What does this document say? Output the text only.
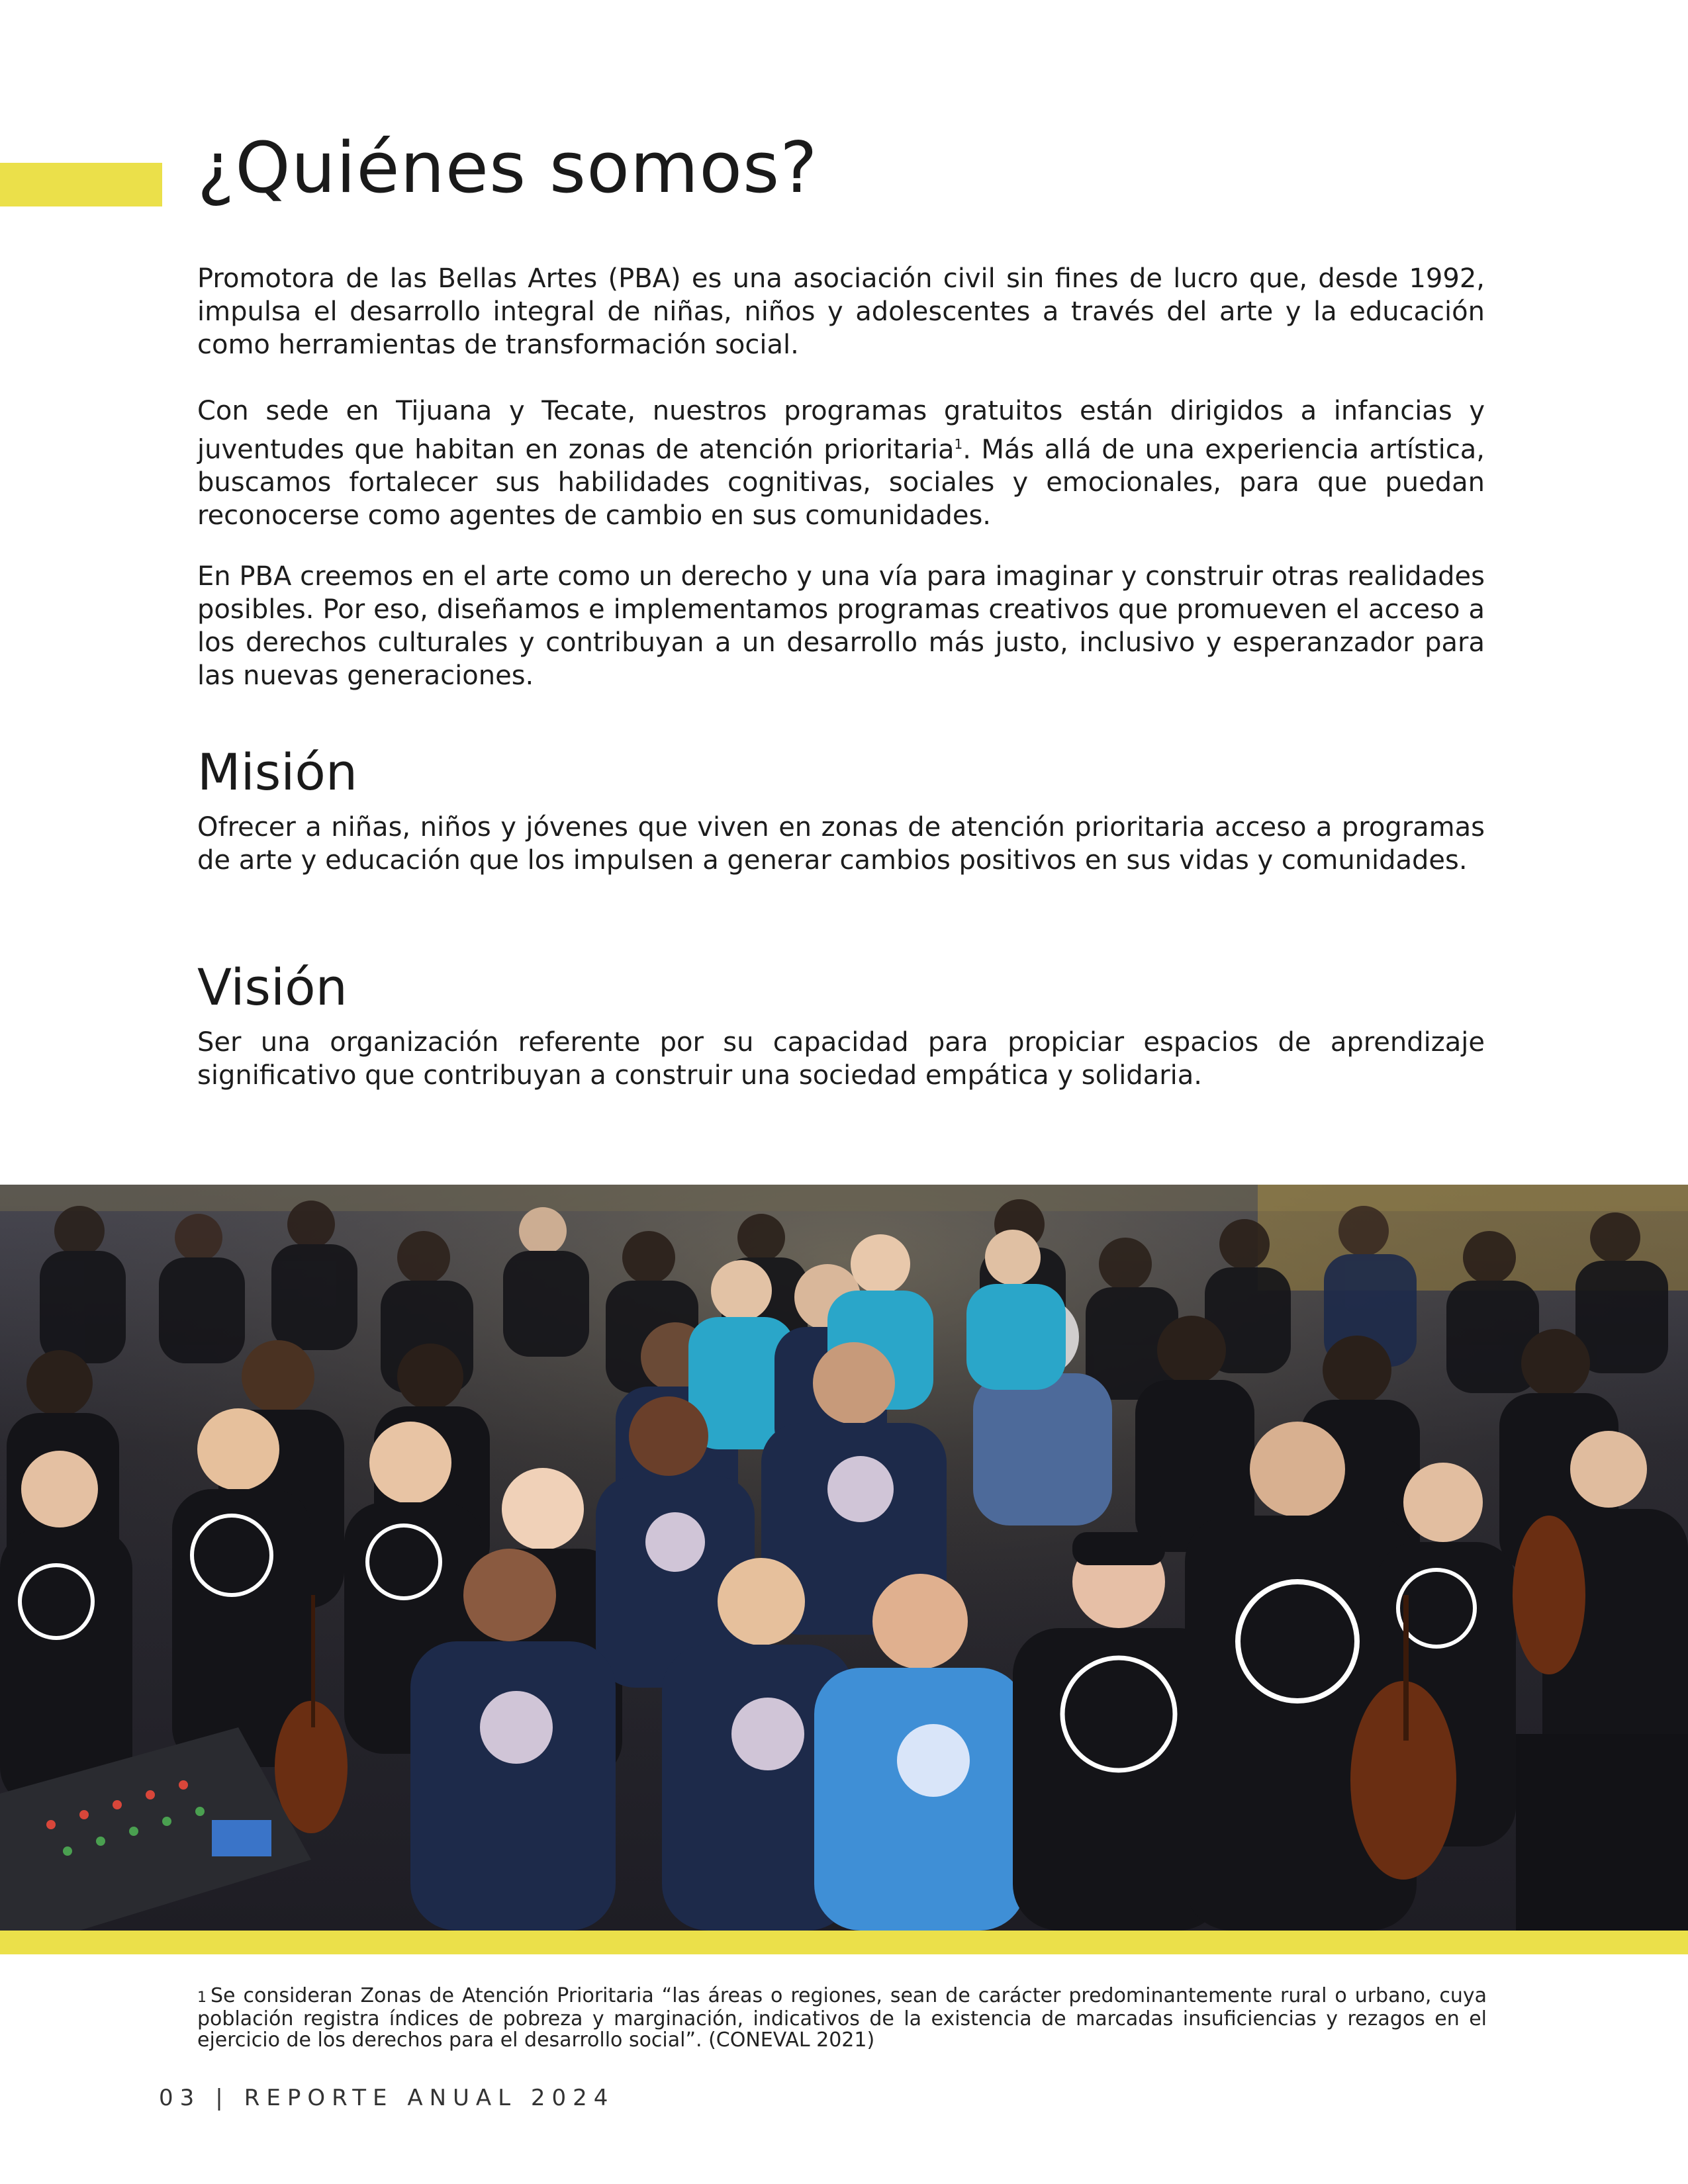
¿Quiénes somos?

Promotora de las Bellas Artes (PBA) es una asociación civil sin fines de lucro que, desde 1992, impulsa el desarrollo integral de niñas, niños y adolescentes a través del arte y la educación como herramientas de transformación social.

Con sede en Tijuana y Tecate, nuestros programas gratuitos están dirigidos a infancias y juventudes que habitan en zonas de atención prioritaria$^1$. Más allá de una experiencia artística, buscamos fortalecer sus habilidades cognitivas, sociales y emocionales, para que puedan reconocerse como agentes de cambio en sus comunidades.

En PBA creemos en el arte como un derecho y una vía para imaginar y construir otras realidades posibles. Por eso, diseñamos e implementamos programas creativos que promueven el acceso a los derechos culturales y contribuyan a un desarrollo más justo, inclusivo y esperanzador para las nuevas generaciones.

Misión

Ofrecer a niñas, niños y jóvenes que viven en zonas de atención prioritaria acceso a programas de arte y educación que los impulsen a generar cambios positivos en sus vidas y comunidades.

Visión

Ser una organización referente por su capacidad para propiciar espacios de aprendizaje significativo que contribuyan a construir una sociedad empática y solidaria.

1 Se consideran Zonas de Atención Prioritaria “las áreas o regiones, sean de carácter predominantemente rural o urbano, cuya población registra índices de pobreza y marginación, indicativos de la existencia de marcadas insuficiencias y rezagos en el ejercicio de los derechos para el desarrollo social”. (CONEVAL 2021)

03 | REPORTE ANUAL 2024
